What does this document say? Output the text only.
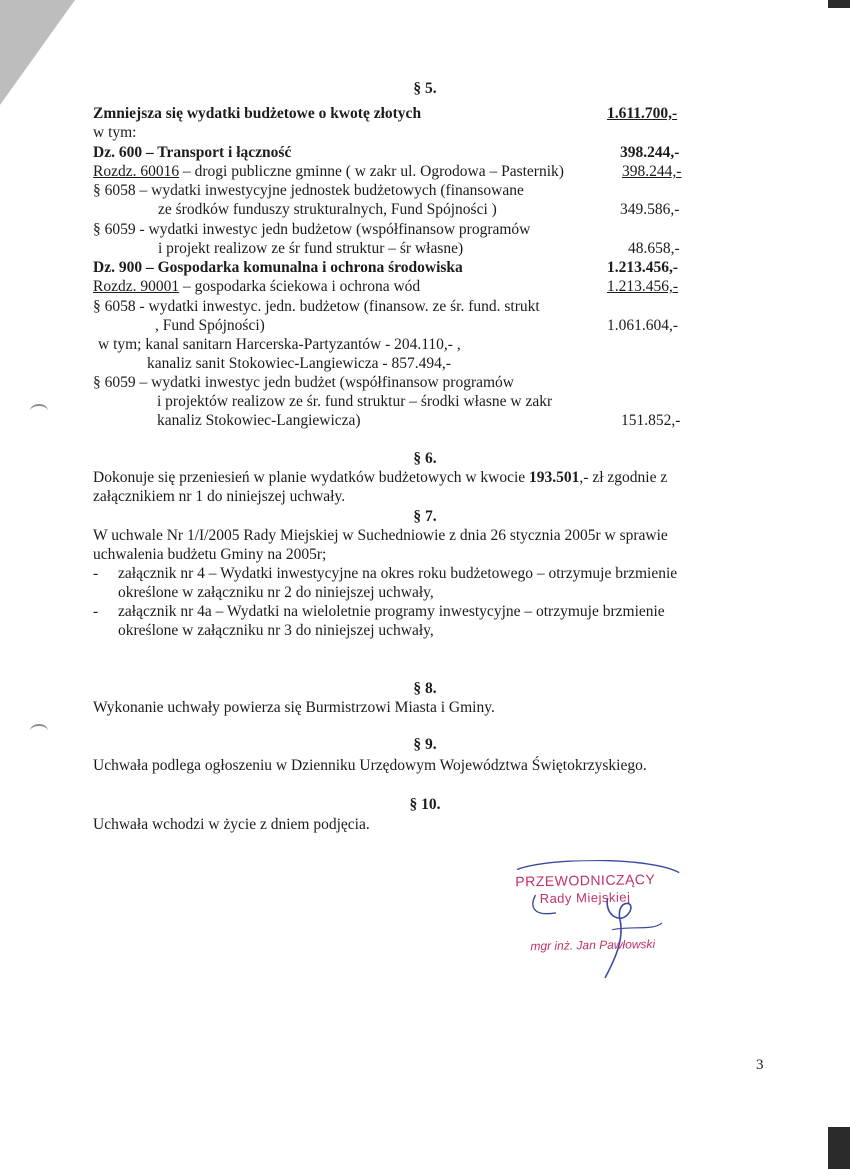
§ 5.
Zmniejsza się wydatki budżetowe o kwotę złotych	1.611.700,-
w tym:
Dz. 600 – Transport i łączność	398.244,-
Rozdz. 60016 – drogi publiczne gminne ( w zakr ul. Ogrodowa – Pasternik)	398.244,-
§ 6058 – wydatki inwestycyjne jednostek budżetowych (finansowane
ze środków funduszy strukturalnych, Fund Spójności )	349.586,-
§ 6059 - wydatki inwestyc jedn budżetow (współfinansow programów
i projekt realizow ze śr fund struktur – śr własne)	48.658,-
Dz. 900 – Gospodarka komunalna i ochrona środowiska	1.213.456,-
Rozdz. 90001 – gospodarka ściekowa i ochrona wód	1.213.456,-
§ 6058 - wydatki inwestyc. jedn. budżetow (finansow. ze śr. fund. strukt
, Fund Spójności)	1.061.604,-
w tym; kanal sanitarn Harcerska-Partyzantów - 204.110,- ,
kanaliz sanit Stokowiec-Langiewicza - 857.494,-
§ 6059 – wydatki inwestyc jedn budżet (współfinansow programów
i projektów realizow ze śr. fund struktur – środki własne w zakr
kanaliz Stokowiec-Langiewicza)	151.852,-
§ 6.
Dokonuje się przeniesień w planie wydatków budżetowych w kwocie 193.501,- zł zgodnie z
załącznikiem nr 1 do niniejszej uchwały.
§ 7.
W uchwale Nr 1/I/2005 Rady Miejskiej w Suchedniowie z dnia 26 stycznia 2005r w sprawie
uchwalenia budżetu Gminy na 2005r;
- załącznik nr 4 – Wydatki inwestycyjne na okres roku budżetowego – otrzymuje brzmienie
określone w załączniku nr 2 do niniejszej uchwały,
- załącznik nr 4a – Wydatki na wieloletnie programy inwestycyjne – otrzymuje brzmienie
określone w załączniku nr 3 do niniejszej uchwały,
§ 8.
Wykonanie uchwały powierza się Burmistrzowi Miasta i Gminy.
§ 9.
Uchwała podlega ogłoszeniu w Dzienniku Urzędowym Województwa Świętokrzyskiego.
§ 10.
Uchwała wchodzi w życie z dniem podjęcia.
PRZEWODNICZĄCY
Rady Miejskiej
mgr inż. Jan Pawłowski
3
